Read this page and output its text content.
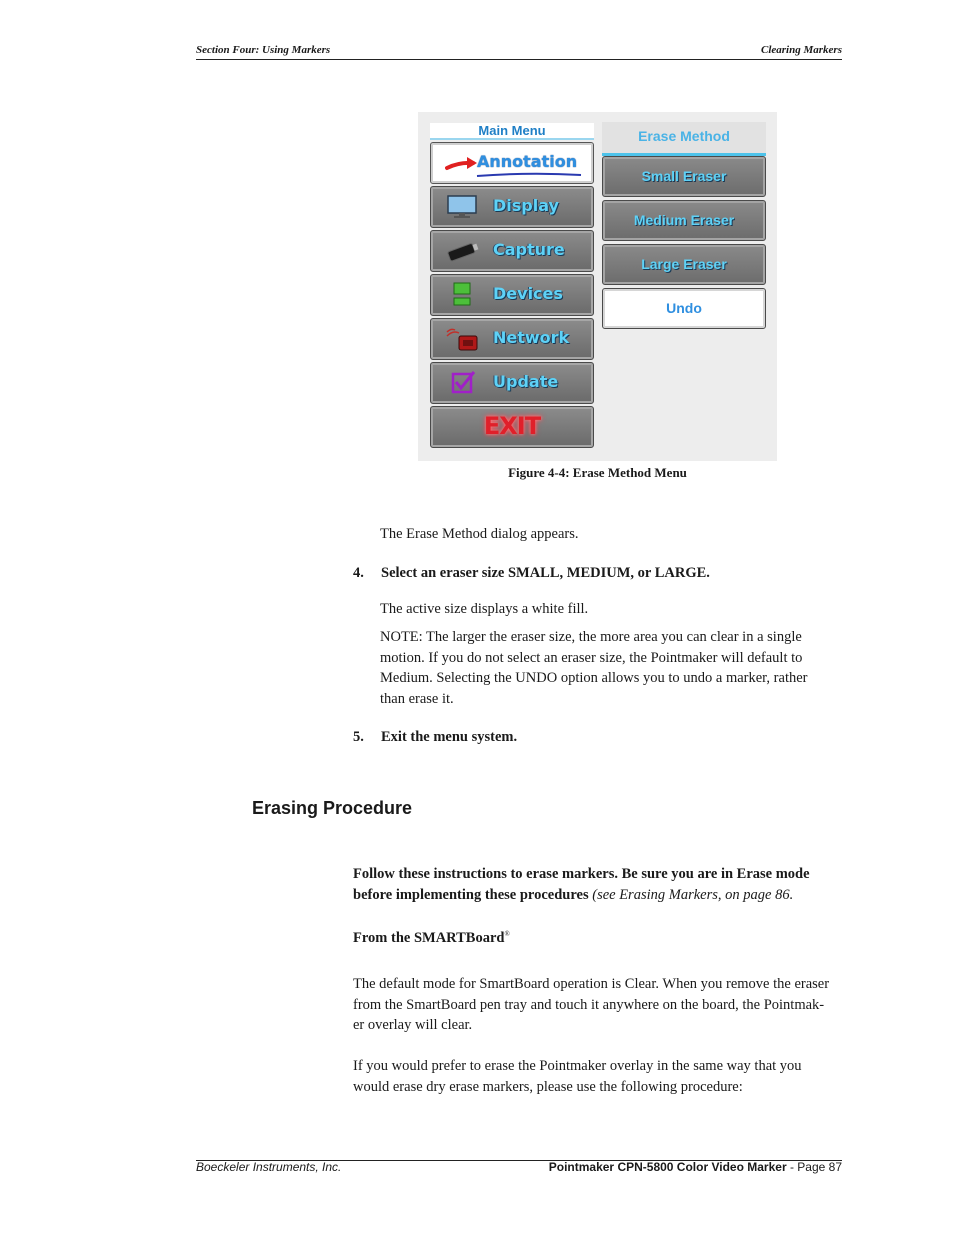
Section Four: Using Markers	Clearing Markers
Main Menu
Annotation
Display
Capture
Devices
Network
Update
EXIT
Erase Method
Small Eraser
Medium Eraser
Large Eraser
Undo
Figure 4-4: Erase Method Menu
The Erase Method dialog appears.
4. Select an eraser size SMALL, MEDIUM, or LARGE.
The active size displays a white fill.
NOTE: The larger the eraser size, the more area you can clear in a single
motion. If you do not select an eraser size, the Pointmaker will default to
Medium. Selecting the UNDO option allows you to undo a marker, rather
than erase it.
5. Exit the menu system.
Erasing Procedure
Follow these instructions to erase markers. Be sure you are in Erase mode
before implementing these procedures (see Erasing Markers, on page 86.
From the SMARTBoard®
The default mode for SmartBoard operation is Clear. When you remove the eraser
from the SmartBoard pen tray and touch it anywhere on the board, the Pointmak-
er overlay will clear.
If you would prefer to erase the Pointmaker overlay in the same way that you
would erase dry erase markers, please use the following procedure:
Boeckeler Instruments, Inc.	Pointmaker CPN-5800 Color Video Marker - Page 87
